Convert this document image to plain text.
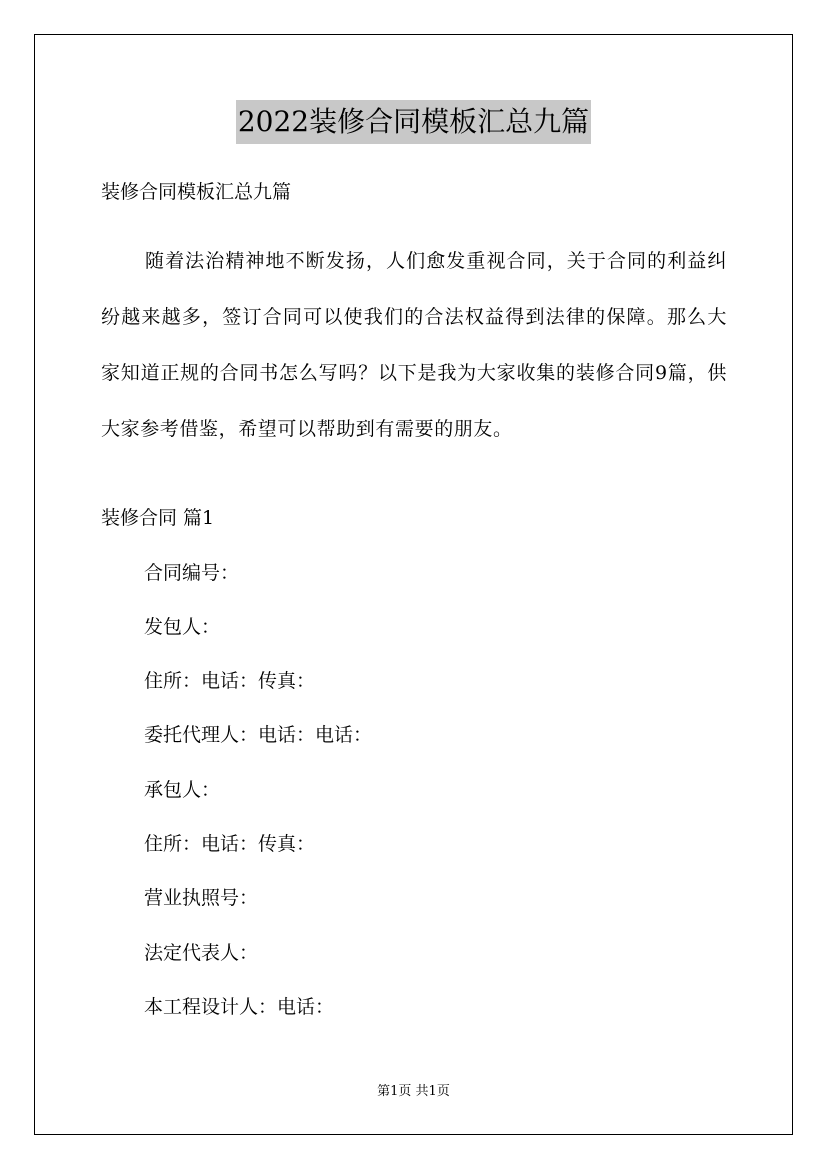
2022装修合同模板汇总九篇
装修合同模板汇总九篇
随着法治精神地不断发扬，人们愈发重视合同，关于合同的利益纠纷越来越多，签订合同可以使我们的合法权益得到法律的保障。那么大家知道正规的合同书怎么写吗？以下是我为大家收集的装修合同9篇，供大家参考借鉴，希望可以帮助到有需要的朋友。
装修合同 篇1
合同编号：
发包人：
住所：电话：传真：
委托代理人：电话：电话：
承包人：
住所：电话：传真：
营业执照号：
法定代表人：
本工程设计人：电话：
第1页 共1页
